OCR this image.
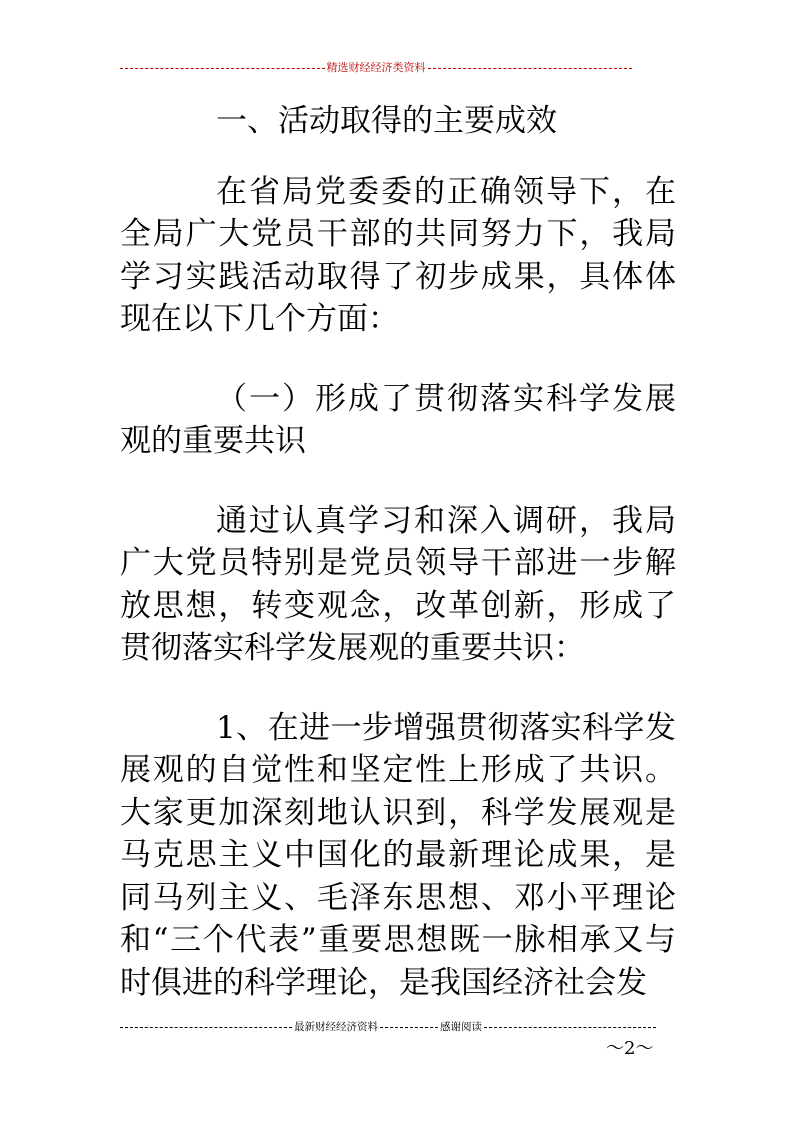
精选财经经济类资料

一、活动取得的主要成效

在省局党委委的正确领导下，在全局广大党员干部的共同努力下，我局学习实践活动取得了初步成果，具体体现在以下几个方面：

（一）形成了贯彻落实科学发展观的重要共识

通过认真学习和深入调研，我局广大党员特别是党员领导干部进一步解放思想，转变观念，改革创新，形成了贯彻落实科学发展观的重要共识：

1、在进一步增强贯彻落实科学发展观的自觉性和坚定性上形成了共识。大家更加深刻地认识到，科学发展观是马克思主义中国化的最新理论成果，是同马列主义、毛泽东思想、邓小平理论和“三个代表”重要思想既一脉相承又与时俱进的科学理论，是我国经济社会发

最新财经经济资料	感谢阅读
～2～
